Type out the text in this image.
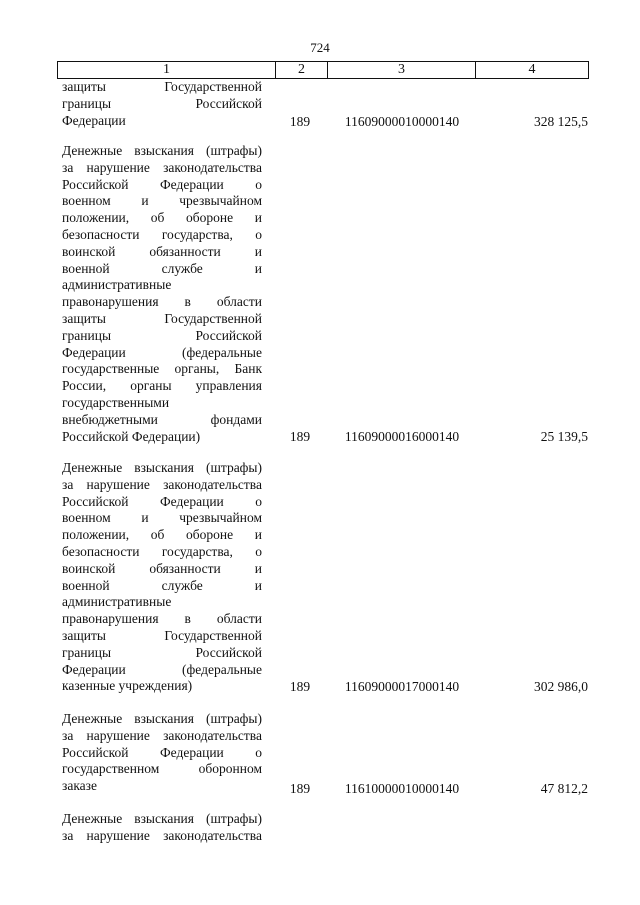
724
1	2	3	4
защиты Государственной
границы Российской
Федерации	189	11609000010000140	328 125,5
Денежные взыскания (штрафы)
за нарушение законодательства
Российской Федерации о
военном и чрезвычайном
положении, об обороне и
безопасности государства, о
воинской обязанности и
военной службе и
административные
правонарушения в области
защиты Государственной
границы Российской
Федерации (федеральные
государственные органы, Банк
России, органы управления
государственными
внебюджетными фондами
Российской Федерации)	189	11609000016000140	25 139,5
Денежные взыскания (штрафы)
за нарушение законодательства
Российской Федерации о
военном и чрезвычайном
положении, об обороне и
безопасности государства, о
воинской обязанности и
военной службе и
административные
правонарушения в области
защиты Государственной
границы Российской
Федерации (федеральные
казенные учреждения)	189	11609000017000140	302 986,0
Денежные взыскания (штрафы)
за нарушение законодательства
Российской Федерации о
государственном оборонном
заказе	189	11610000010000140	47 812,2
Денежные взыскания (штрафы)
за нарушение законодательства
